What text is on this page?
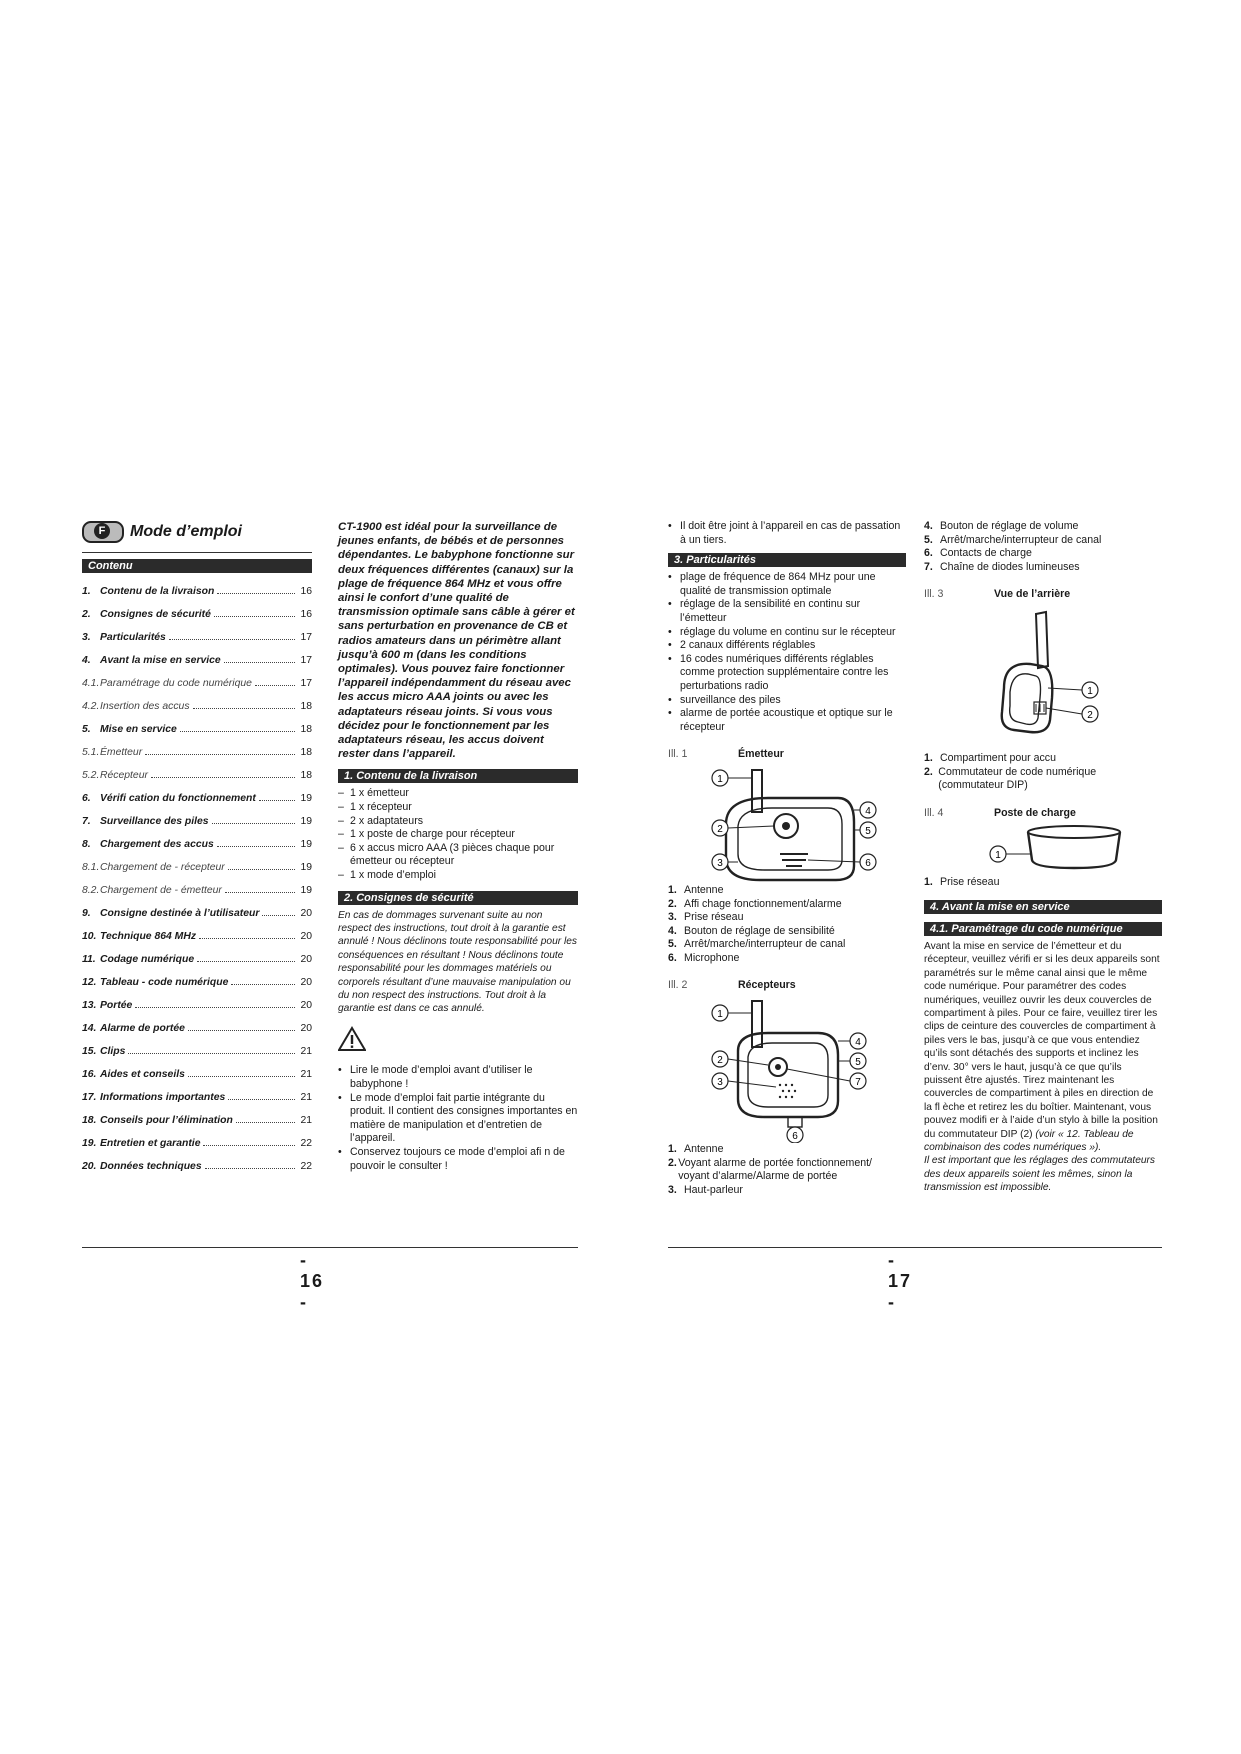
F Mode d’emploi
Contenu
1. Contenu de la livraison	16
2. Consignes de sécurité	16
3. Particularités	17
4. Avant la mise en service	17
4.1. Paramétrage du code numérique	17
4.2. Insertion des accus	18
5. Mise en service	18
5.1. Émetteur	18
5.2. Récepteur	18
6. Vérifi cation du fonctionnement	19
7. Surveillance des piles	19
8. Chargement des accus	19
8.1. Chargement de - récepteur	19
8.2. Chargement de - émetteur	19
9. Consigne destinée à l’utilisateur	20
10. Technique 864 MHz	20
11. Codage numérique	20
12. Tableau - code numérique	20
13. Portée	20
14. Alarme de portée	20
15. Clips	21
16. Aides et conseils	21
17. Informations importantes	21
18. Conseils pour l’élimination	21
19. Entretien et garantie	22
20. Données techniques	22
CT-1900 est idéal pour la surveillance de jeunes enfants, de bébés et de personnes dépendantes. Le babyphone fonctionne sur deux fréquences différentes (canaux) sur la plage de fréquence 864 MHz et vous offre ainsi le confort d’une qualité de transmission optimale sans câble à gérer et sans perturbation en provenance de CB et radios amateurs dans un périmètre allant jusqu’à 600 m (dans les conditions optimales). Vous pouvez faire fonctionner l’appareil indépendamment du réseau avec les accus micro AAA joints ou avec les adaptateurs réseau joints. Si vous vous décidez pour le fonctionnement par les adaptateurs réseau, les accus doivent rester dans l’appareil.
1. Contenu de la livraison
– 1 x émetteur
– 1 x récepteur
– 2 x adaptateurs
– 1 x poste de charge pour récepteur
– 6 x accus micro AAA (3 pièces chaque pour émetteur ou récepteur
– 1 x mode d’emploi
2. Consignes de sécurité
En cas de dommages survenant suite au non respect des instructions, tout droit à la garantie est annulé ! Nous déclinons toute responsabilité pour les conséquences en résultant ! Nous déclinons toute responsabilité pour les dommages matériels ou corporels résultant d’une mauvaise manipulation ou du non respect des instructions. Tout droit à la garantie est dans ce cas annulé.
• Lire le mode d’emploi avant d’utiliser le babyphone !
• Le mode d’emploi fait partie intégrante du produit. Il contient des consignes importantes en matière de manipulation et d’entretien de l’appareil.
• Conservez toujours ce mode d’emploi afi n de pouvoir le consulter !
- 16 -
• Il doit être joint à l’appareil en cas de passation à un tiers.
3. Particularités
• plage de fréquence de 864 MHz pour une qualité de transmission optimale
• réglage de la sensibilité en continu sur l’émetteur
• réglage du volume en continu sur le récepteur
• 2 canaux différents réglables
• 16 codes numériques différents réglables comme protection supplémentaire contre les perturbations radio
• surveillance des piles
• alarme de portée acoustique et optique sur le récepteur
Ill. 1	Émetteur
1
2
3
4
5
6
1. Antenne
2. Affi chage fonctionnement/alarme
3. Prise réseau
4. Bouton de réglage de sensibilité
5. Arrêt/marche/interrupteur de canal
6. Microphone
Ill. 2	Récepteurs
1
2
3
4
5
7
6
1. Antenne
2. Voyant alarme de portée fonctionnement/ voyant d’alarme/Alarme de portée
3. Haut-parleur
4. Bouton de réglage de volume
5. Arrêt/marche/interrupteur de canal
6. Contacts de charge
7. Chaîne de diodes lumineuses
Ill. 3	Vue de l’arrière
1
2
1. Compartiment pour accu
2. Commutateur de code numérique (commutateur DIP)
Ill. 4	Poste de charge
1
1. Prise réseau
4. Avant la mise en service
4.1. Paramétrage du code numérique
Avant la mise en service de l’émetteur et du récepteur, veuillez vérifi er si les deux appareils sont paramétrés sur le même canal ainsi que le même code numérique. Pour paramétrer des codes numériques, veuillez ouvrir les deux couvercles de compartiment à piles. Pour ce faire, veuillez tirer les clips de ceinture des couvercles de compartiment à piles vers le bas, jusqu’à ce que vous entendiez qu’ils sont détachés des supports et inclinez les d’env. 30° vers le haut, jusqu’à ce que qu’ils puissent être ajustés. Tirez maintenant les couvercles de compartiment à piles en direction de la fl èche et retirez les du boîtier. Maintenant, vous pouvez modifi er à l’aide d’un stylo à bille la position du commutateur DIP (2) (voir « 12. Tableau de combinaison des codes numériques »).
Il est important que les réglages des commutateurs des deux appareils soient les mêmes, sinon la transmission est impossible.
- 17 -
